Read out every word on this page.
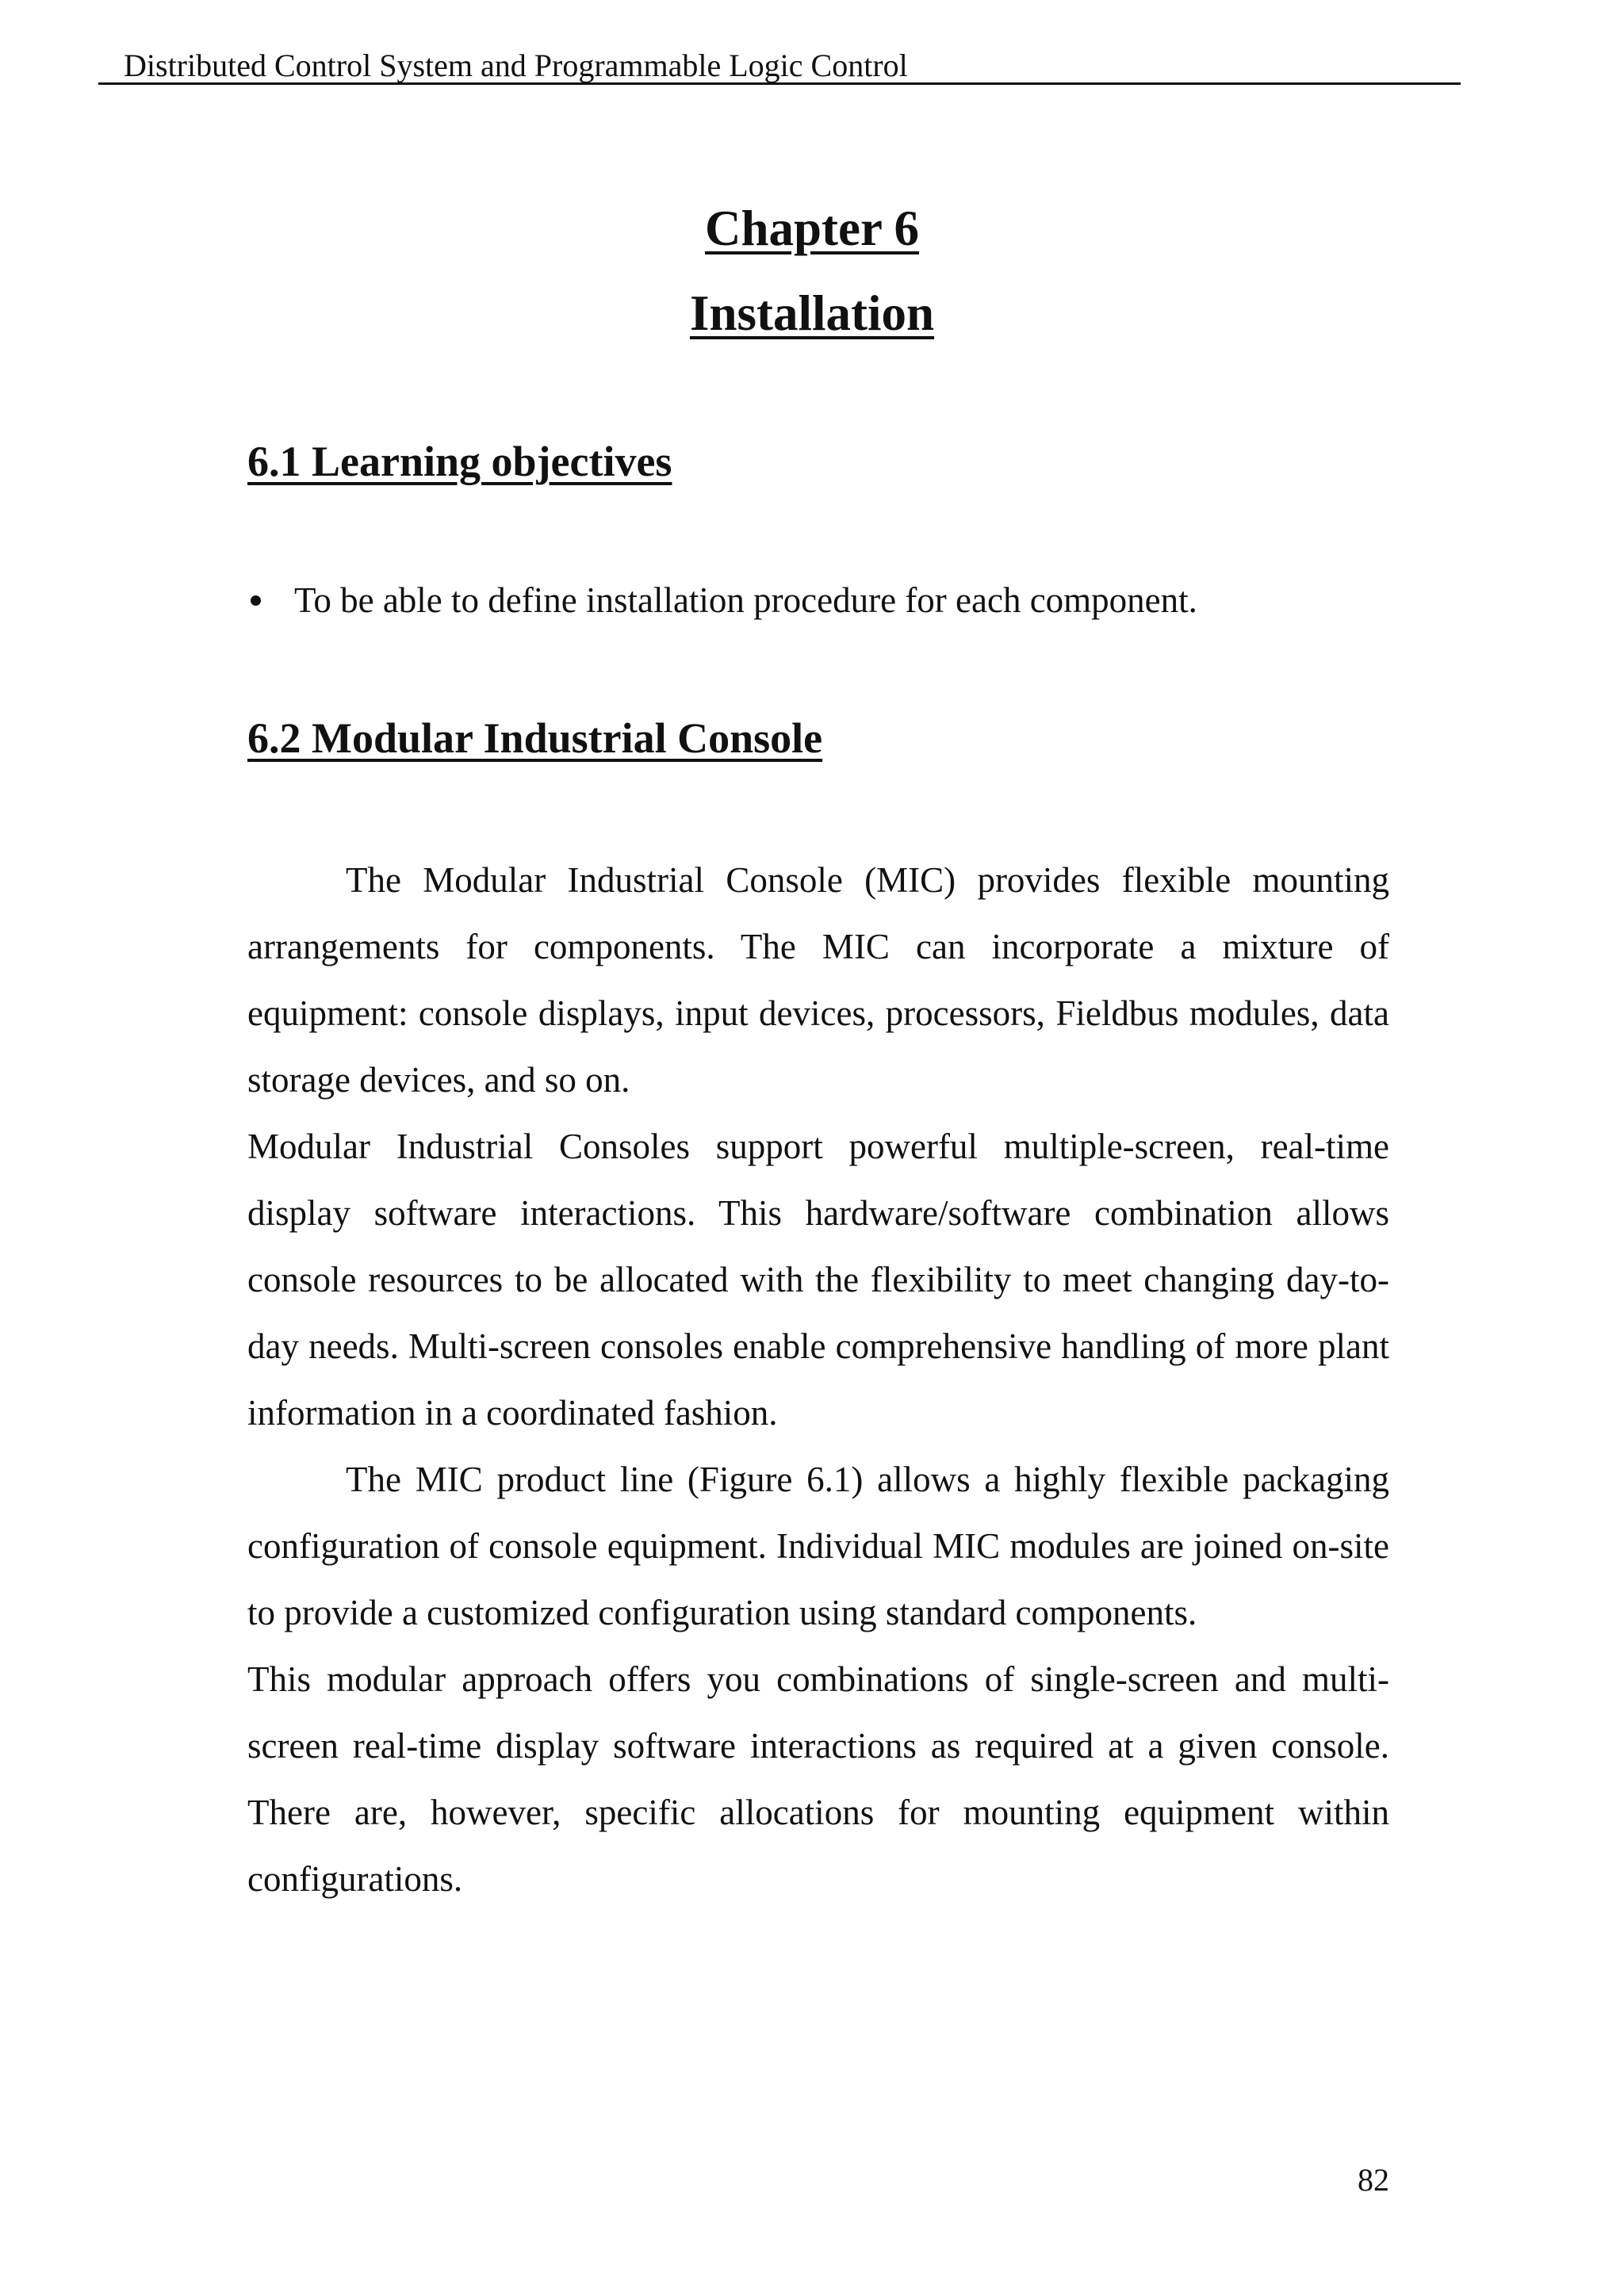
Distributed Control System and Programmable Logic Control
Chapter 6
Installation
6.1 Learning objectives
To be able to define installation procedure for each component.
6.2 Modular Industrial Console

The Modular Industrial Console (MIC) provides flexible mounting arrangements for components. The MIC can incorporate a mixture of equipment: console displays, input devices, processors, Fieldbus modules, data storage devices, and so on.

Modular Industrial Consoles support powerful multiple-screen, real-time display software interactions. This hardware/software combination allows console resources to be allocated with the flexibility to meet changing day-to-day needs. Multi-screen consoles enable comprehensive handling of more plant information in a coordinated fashion.

The MIC product line (Figure 6.1) allows a highly flexible packaging configuration of console equipment. Individual MIC modules are joined on-site to provide a customized configuration using standard components.

This modular approach offers you combinations of single-screen and multi-screen real-time display software interactions as required at a given console. There are, however, specific allocations for mounting equipment within configurations.

82
